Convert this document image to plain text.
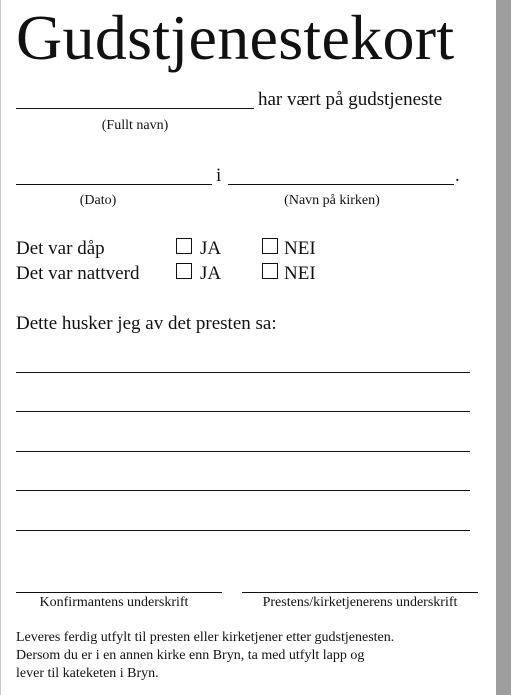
Gudstjenestekort
har vært på gudstjeneste
(Fullt navn)
i	.
(Dato)	(Navn på kirken)
Det var dåp	JA	NEI
Det var nattverd	JA	NEI
Dette husker jeg av det presten sa:
Konfirmantens underskrift	Prestens/kirketjenerens underskrift
Leveres ferdig utfylt til presten eller kirketjener etter gudstjenesten.
Dersom du er i en annen kirke enn Bryn, ta med utfylt lapp og
lever til kateketen i Bryn.
